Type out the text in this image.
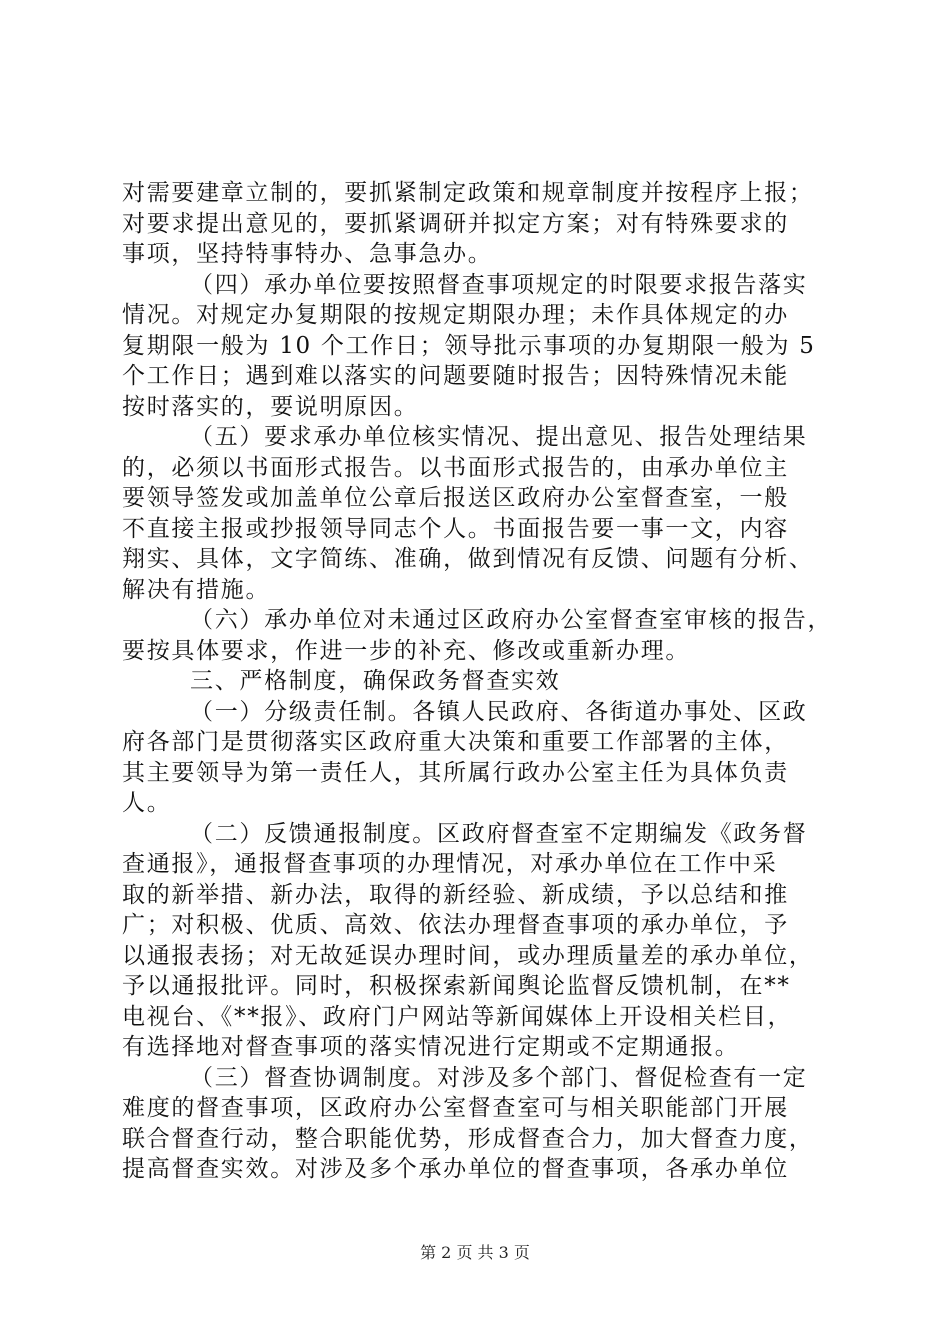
对需要建章立制的，要抓紧制定政策和规章制度并按程序上报；
对要求提出意见的，要抓紧调研并拟定方案；对有特殊要求的
事项，坚持特事特办、急事急办。
（四）承办单位要按照督查事项规定的时限要求报告落实
情况。对规定办复期限的按规定期限办理；未作具体规定的办
复期限一般为 10 个工作日；领导批示事项的办复期限一般为 5
个工作日；遇到难以落实的问题要随时报告；因特殊情况未能
按时落实的，要说明原因。
（五）要求承办单位核实情况、提出意见、报告处理结果
的，必须以书面形式报告。以书面形式报告的，由承办单位主
要领导签发或加盖单位公章后报送区政府办公室督查室，一般
不直接主报或抄报领导同志个人。书面报告要一事一文，内容
翔实、具体，文字简练、准确，做到情况有反馈、问题有分析、
解决有措施。
（六）承办单位对未通过区政府办公室督查室审核的报告，
要按具体要求，作进一步的补充、修改或重新办理。
三、严格制度，确保政务督查实效
（一）分级责任制。各镇人民政府、各街道办事处、区政
府各部门是贯彻落实区政府重大决策和重要工作部署的主体，
其主要领导为第一责任人，其所属行政办公室主任为具体负责
人。
（二）反馈通报制度。区政府督查室不定期编发《政务督
查通报》，通报督查事项的办理情况，对承办单位在工作中采
取的新举措、新办法，取得的新经验、新成绩，予以总结和推
广；对积极、优质、高效、依法办理督查事项的承办单位，予
以通报表扬；对无故延误办理时间，或办理质量差的承办单位，
予以通报批评。同时，积极探索新闻舆论监督反馈机制，在**
电视台、《**报》、政府门户网站等新闻媒体上开设相关栏目，
有选择地对督查事项的落实情况进行定期或不定期通报。
（三）督查协调制度。对涉及多个部门、督促检查有一定
难度的督查事项，区政府办公室督查室可与相关职能部门开展
联合督查行动，整合职能优势，形成督查合力，加大督查力度，
提高督查实效。对涉及多个承办单位的督查事项，各承办单位
第 2 页 共 3 页
